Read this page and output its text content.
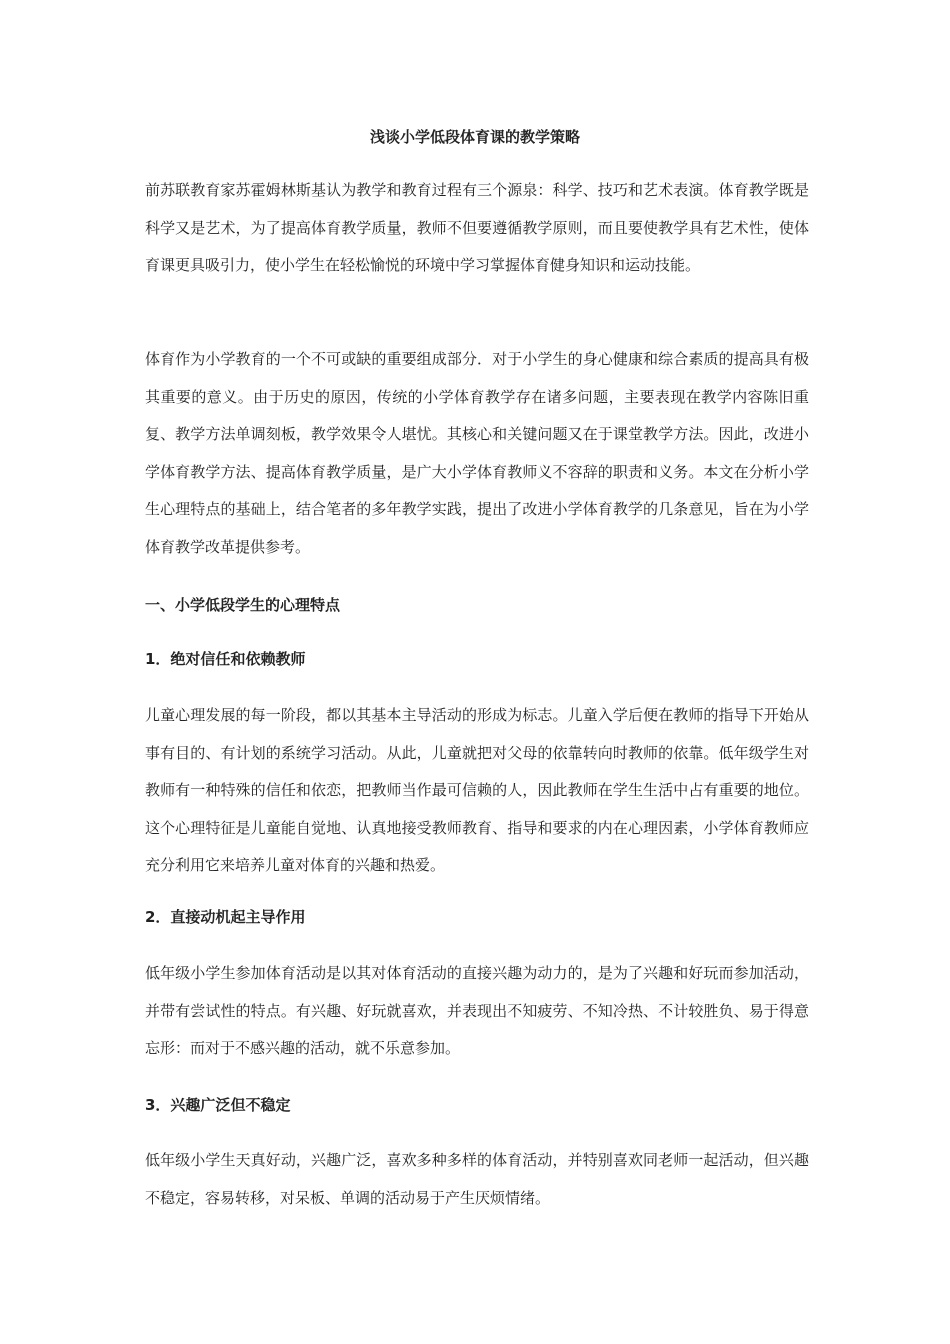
浅谈小学低段体育课的教学策略

前苏联教育家苏霍姆林斯基认为教学和教育过程有三个源泉：科学、技巧和艺术表演。体育教学既是科学又是艺术，为了提高体育教学质量，教师不但要遵循教学原则，而且要使教学具有艺术性，使体育课更具吸引力，使小学生在轻松愉悦的环境中学习掌握体育健身知识和运动技能。

体育作为小学教育的一个不可或缺的重要组成部分．对于小学生的身心健康和综合素质的提高具有极其重要的意义。由于历史的原因，传统的小学体育教学存在诸多问题，主要表现在教学内容陈旧重复、教学方法单调刻板，教学效果令人堪忧。其核心和关键问题又在于课堂教学方法。因此，改进小学体育教学方法、提高体育教学质量，是广大小学体育教师义不容辞的职责和义务。本文在分析小学生心理特点的基础上，结合笔者的多年教学实践，提出了改进小学体育教学的几条意见，旨在为小学体育教学改革提供参考。

一、小学低段学生的心理特点
1．绝对信任和依赖教师

儿童心理发展的每一阶段，都以其基本主导活动的形成为标志。儿童入学后便在教师的指导下开始从事有目的、有计划的系统学习活动。从此，儿童就把对父母的依靠转向时教师的依靠。低年级学生对教师有一种特殊的信任和依恋，把教师当作最可信赖的人，因此教师在学生生活中占有重要的地位。这个心理特征是儿童能自觉地、认真地接受教师教育、指导和要求的内在心理因素，小学体育教师应充分利用它来培养儿童对体育的兴趣和热爱。

2．直接动机起主导作用

低年级小学生参加体育活动是以其对体育活动的直接兴趣为动力的，是为了兴趣和好玩而参加活动，并带有尝试性的特点。有兴趣、好玩就喜欢，并表现出不知疲劳、不知冷热、不计较胜负、易于得意忘形：而对于不感兴趣的活动，就不乐意参加。

3．兴趣广泛但不稳定

低年级小学生天真好动，兴趣广泛，喜欢多种多样的体育活动，并特别喜欢同老师一起活动，但兴趣不稳定，容易转移，对呆板、单调的活动易于产生厌烦情绪。
